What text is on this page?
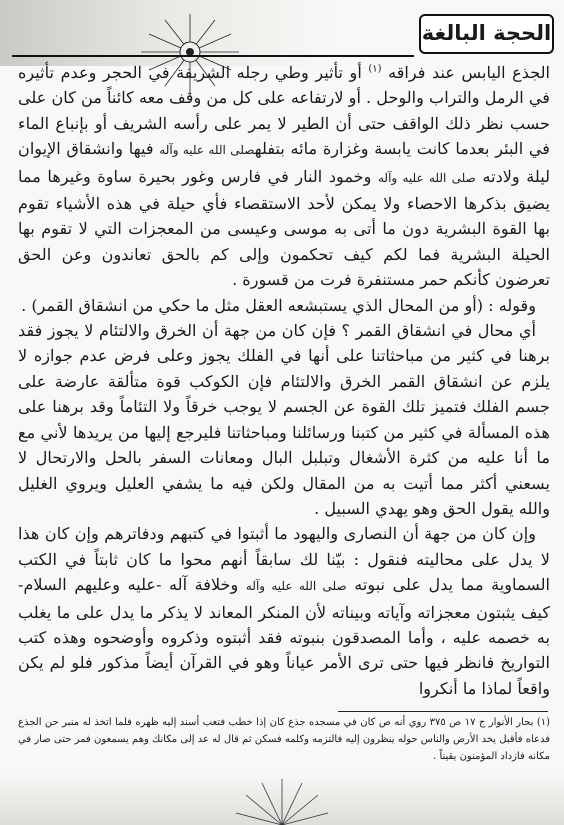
الحجة البالغة

الجذع اليابس عند فراقه $^{(١)}$ أو تأثير وطي رجله الشريفة في الحجر وعدم تأثيره في الرمل والتراب والوحل . أو لارتفاعه على كل من وقف معه كائناً من كان على حسب نظر ذلك الواقف حتى أن الطير لا يمر على رأسه الشريف أو بإنباع الماء في البئر بعدما كانت يابسة وغزارة مائه بتفلهصلى الله عليه وآله فيها وانشقاق الإيوان ليلة ولادته صلى الله عليه وآله وخمود النار في فارس وغور بحيرة ساوة وغيرها مما يضيق بذكرها الاحصاء ولا يمكن لأحد الاستقصاء فأي حيلة في هذه الأشياء تقوم بها القوة البشرية دون ما أتى به موسى وعيسى من المعجزات التي لا تقوم بها الحيلة البشرية فما لكم كيف تحكمون وإلى كم بالحق تعاندون وعن الحق تعرضون كأنكم حمر مستنفرة فرت من قسورة .

وقوله : (أو من المحال الذي يستبشعه العقل مثل ما حكي من انشقاق القمر) .

أي محال في انشقاق القمر ؟ فإن كان من جهة أن الخرق والالتئام لا يجوز فقد برهنا في كثير من مباحثاتنا على أنها في الفلك يجوز وعلى فرض عدم جوازه لا يلزم عن انشقاق القمر الخرق والالتئام فإن الكوكب قوة متألقة عارضة على جسم الفلك فتميز تلك القوة عن الجسم لا يوجب خرقاً ولا التئاماً وقد برهنا على هذه المسألة في كثير من كتبنا ورسائلنا ومباحثاتنا فليرجع إليها من يريدها لأني مع ما أنا عليه من كثرة الأشغال وتبلبل البال ومعانات السفر بالحل والارتحال لا يسعني أكثر مما أتيت به من المقال ولكن فيه ما يشفي العليل ويروي الغليل والله يقول الحق وهو يهدي السبيل .

وإن كان من جهة أن النصارى واليهود ما أثبتوا في كتبهم ودفاترهم وإن كان هذا لا يدل على محاليته فنقول : بيّنا لك سابقاً أنهم محوا ما كان ثابتاً في الكتب السماوية مما يدل على نبوته صلى الله عليه وآله وخلافة آله -عليه وعليهم السلام- كيف يثبتون معجزاته وآياته وبيناته لأن المنكر المعاند لا يذكر ما يدل على ما يغلب به خصمه عليه ، وأما المصدقون بنبوته فقد أثبتوه وذكروه وأوضحوه وهذه كتب التواريخ فانظر فيها حتى ترى الأمر عياناً وهو في القرآن أيضاً مذكور فلو لم يكن واقعاً لماذا ما أنكروا

(١) بحار الأنوار ج ١٧ ص ٣٧٥ روي أنه ص كان في مسجده جذع كان إذا خطب فتعب أسند إليه ظهره فلما اتخذ له منبر حن الجذع فدعاه فأقبل يخد الأرض والناس حوله ينظرون إليه فالتزمه وكلمه فسكن ثم قال له عد إلى مكانك وهم يسمعون فمر حتى صار في مكانه فازداد المؤمنون يقيناً .
